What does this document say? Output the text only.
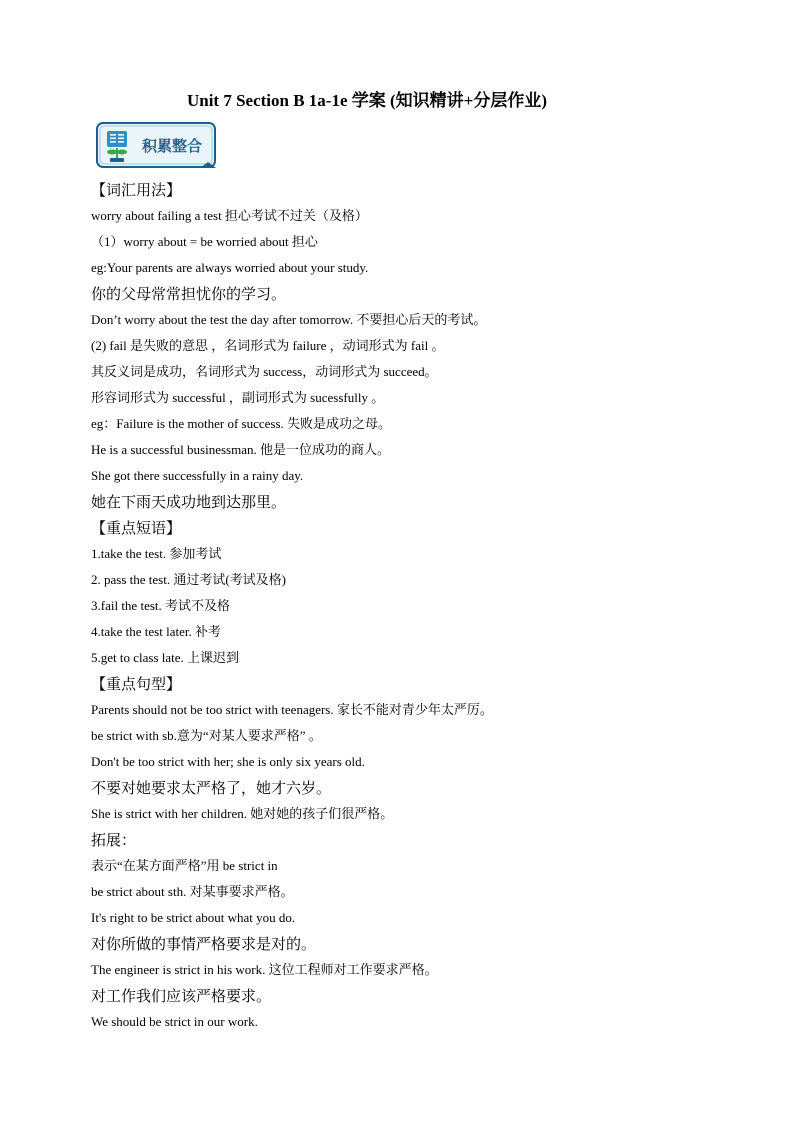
Unit 7 Section B 1a-1e 学案 (知识精讲+分层作业)
积累整合
【词汇用法】
worry about failing a test 担心考试不过关（及格）
（1）worry about = be worried about 担心
eg:Your parents are always worried about your study.
你的父母常常担忧你的学习。
Don’t worry about the test the day after tomorrow. 不要担心后天的考试。
(2) fail 是失败的意思 ，名词形式为 failure ，动词形式为 fail 。
其反义词是成功，名词形式为 success，动词形式为 succeed。
形容词形式为 successful ，副词形式为 sucessfully 。
eg：Failure is the mother of success. 失败是成功之母。
He is a successful businessman. 他是一位成功的商人。
She got there successfully in a rainy day.
她在下雨天成功地到达那里。
【重点短语】
1.take the test. 参加考试
2. pass the test. 通过考试(考试及格)
3.fail the test. 考试不及格
4.take the test later. 补考
5.get to class late. 上课迟到
【重点句型】
Parents should not be too strict with teenagers. 家长不能对青少年太严厉。
be strict with sb.意为“对某人要求严格” 。
Don't be too strict with her; she is only six years old.
不要对她要求太严格了，她才六岁。
She is strict with her children. 她对她的孩子们很严格。
拓展：
表示“在某方面严格”用 be strict in
be strict about sth. 对某事要求严格。
It's right to be strict about what you do.
对你所做的事情严格要求是对的。
The engineer is strict in his work. 这位工程师对工作要求严格。
对工作我们应该严格要求。
We should be strict in our work.
